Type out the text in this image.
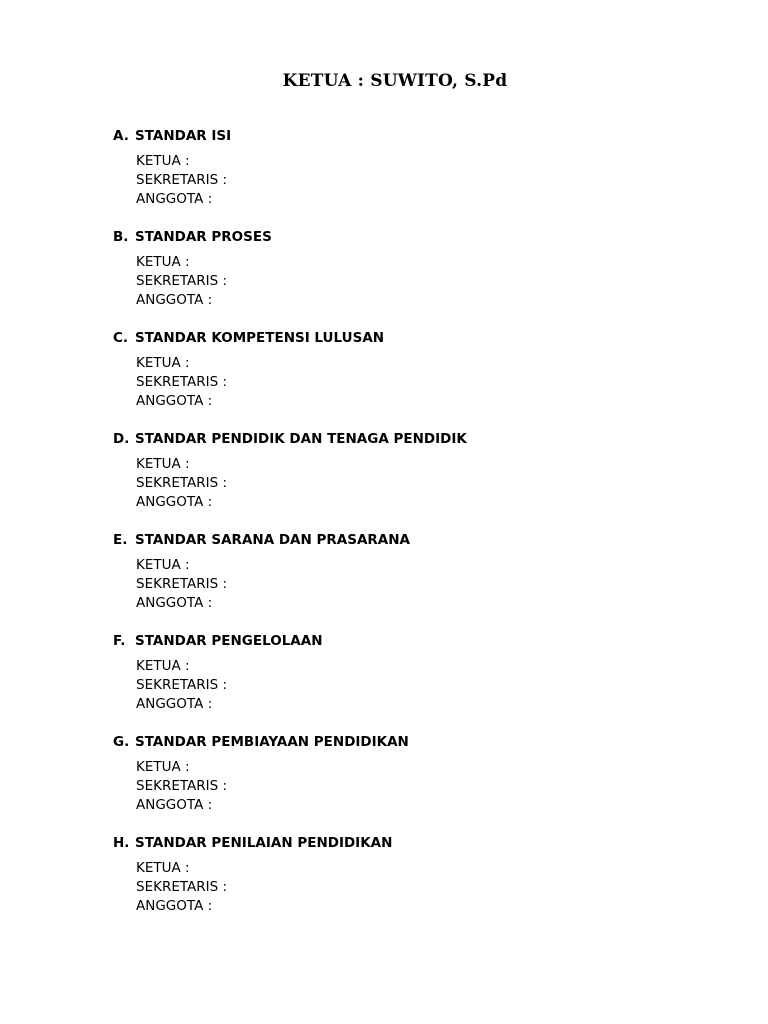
KETUA : SUWITO, S.Pd
A. STANDAR ISI
KETUA :
SEKRETARIS :
ANGGOTA :
B. STANDAR PROSES
KETUA :
SEKRETARIS :
ANGGOTA :
C. STANDAR KOMPETENSI LULUSAN
KETUA :
SEKRETARIS :
ANGGOTA :
D. STANDAR PENDIDIK DAN TENAGA PENDIDIK
KETUA :
SEKRETARIS :
ANGGOTA :
E. STANDAR SARANA DAN PRASARANA
KETUA :
SEKRETARIS :
ANGGOTA :
F. STANDAR PENGELOLAAN
KETUA :
SEKRETARIS :
ANGGOTA :
G. STANDAR PEMBIAYAAN PENDIDIKAN
KETUA :
SEKRETARIS :
ANGGOTA :
H. STANDAR PENILAIAN PENDIDIKAN
KETUA :
SEKRETARIS :
ANGGOTA :
